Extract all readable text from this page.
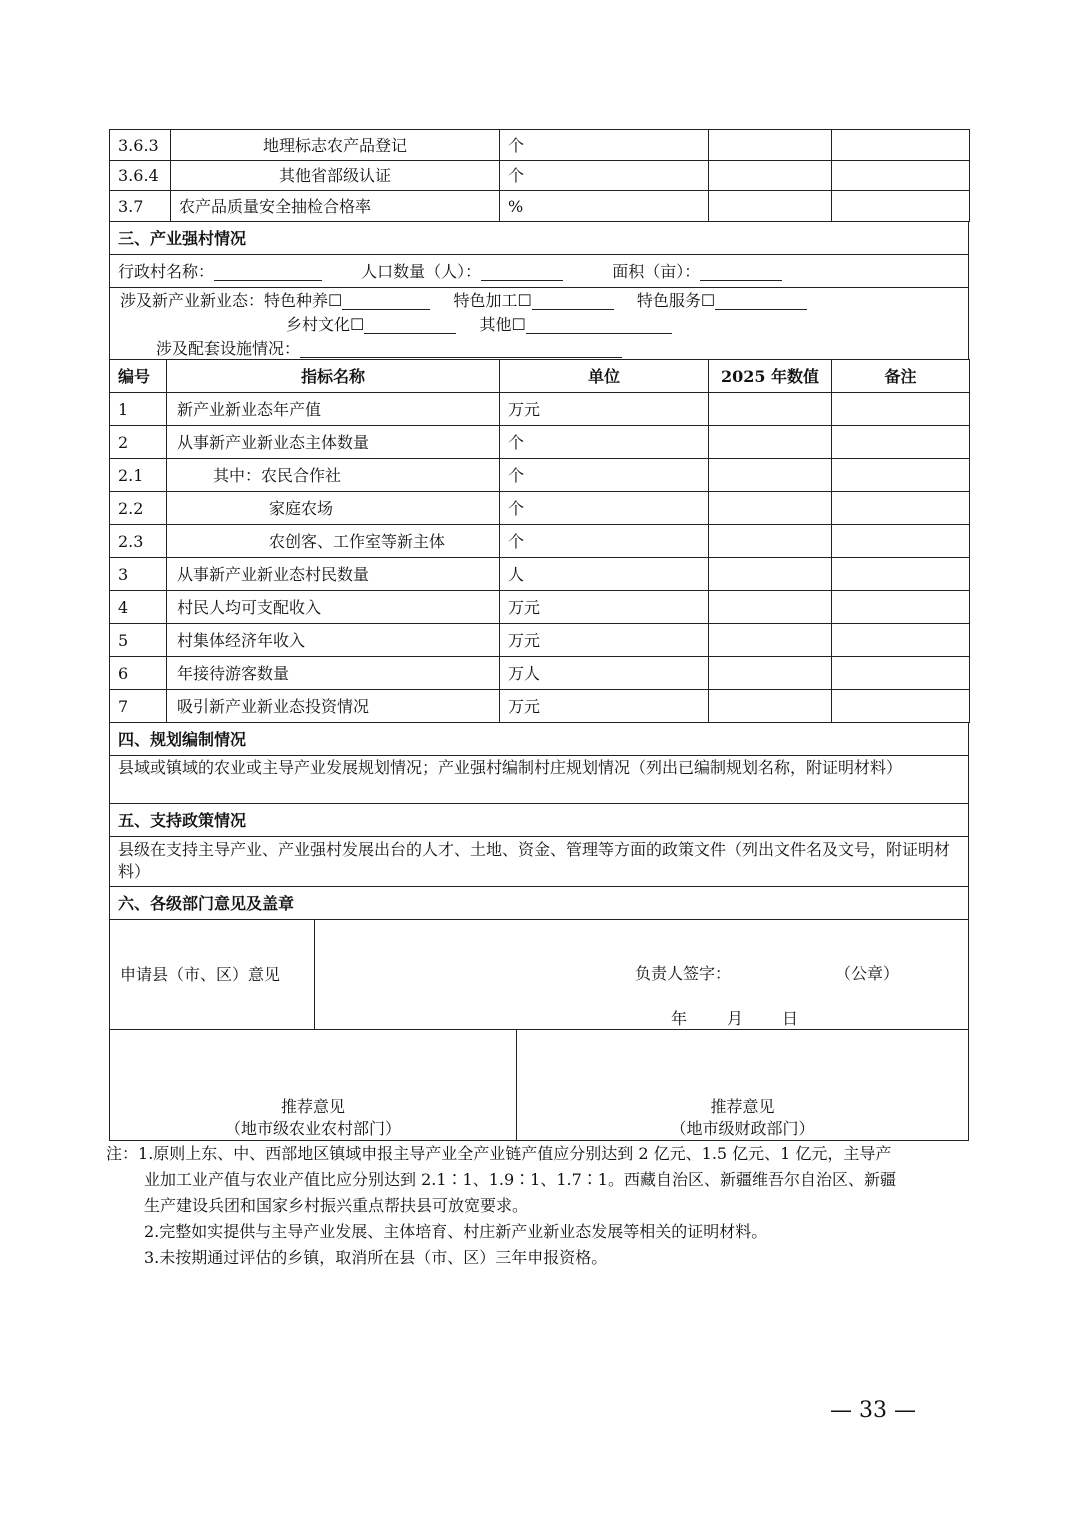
3.6.3	地理标志农产品登记	个		
3.6.4	其他省部级认证	个		
3.7	农产品质量安全抽检合格率	%		
三、产业强村情况
行政村名称：	人口数量（人）：	面积（亩）：
涉及新产业新业态：特色种养☐	特色加工☐	特色服务☐
乡村文化☐	其他☐
涉及配套设施情况：
编号	指标名称	单位	2025 年数值	备注
1	新产业新业态年产值	万元		
2	从事新产业新业态主体数量	个		
2.1	其中：农民合作社	个		
2.2	家庭农场	个		
2.3	农创客、工作室等新主体	个		
3	从事新产业新业态村民数量	人		
4	村民人均可支配收入	万元		
5	村集体经济年收入	万元		
6	年接待游客数量	万人		
7	吸引新产业新业态投资情况	万元		
四、规划编制情况
县域或镇域的农业或主导产业发展规划情况；产业强村编制村庄规划情况（列出已编制规划名称，附证明材料）
五、支持政策情况
县级在支持主导产业、产业强村发展出台的人才、土地、资金、管理等方面的政策文件（列出文件名及文号，附证明材料）
六、各级部门意见及盖章
申请县（市、区）意见	负责人签字：	（公章）
年 月 日
推荐意见
（地市级农业农村部门）
推荐意见
（地市级财政部门）
注：1.原则上东、中、西部地区镇域申报主导产业全产业链产值应分别达到 2 亿元、1.5 亿元、1 亿元，主导产
业加工业产值与农业产值比应分别达到 2.1∶1、1.9∶1、1.7∶1。西藏自治区、新疆维吾尔自治区、新疆
生产建设兵团和国家乡村振兴重点帮扶县可放宽要求。
2.完整如实提供与主导产业发展、主体培育、村庄新产业新业态发展等相关的证明材料。
3.未按期通过评估的乡镇，取消所在县（市、区）三年申报资格。
— 33 —
